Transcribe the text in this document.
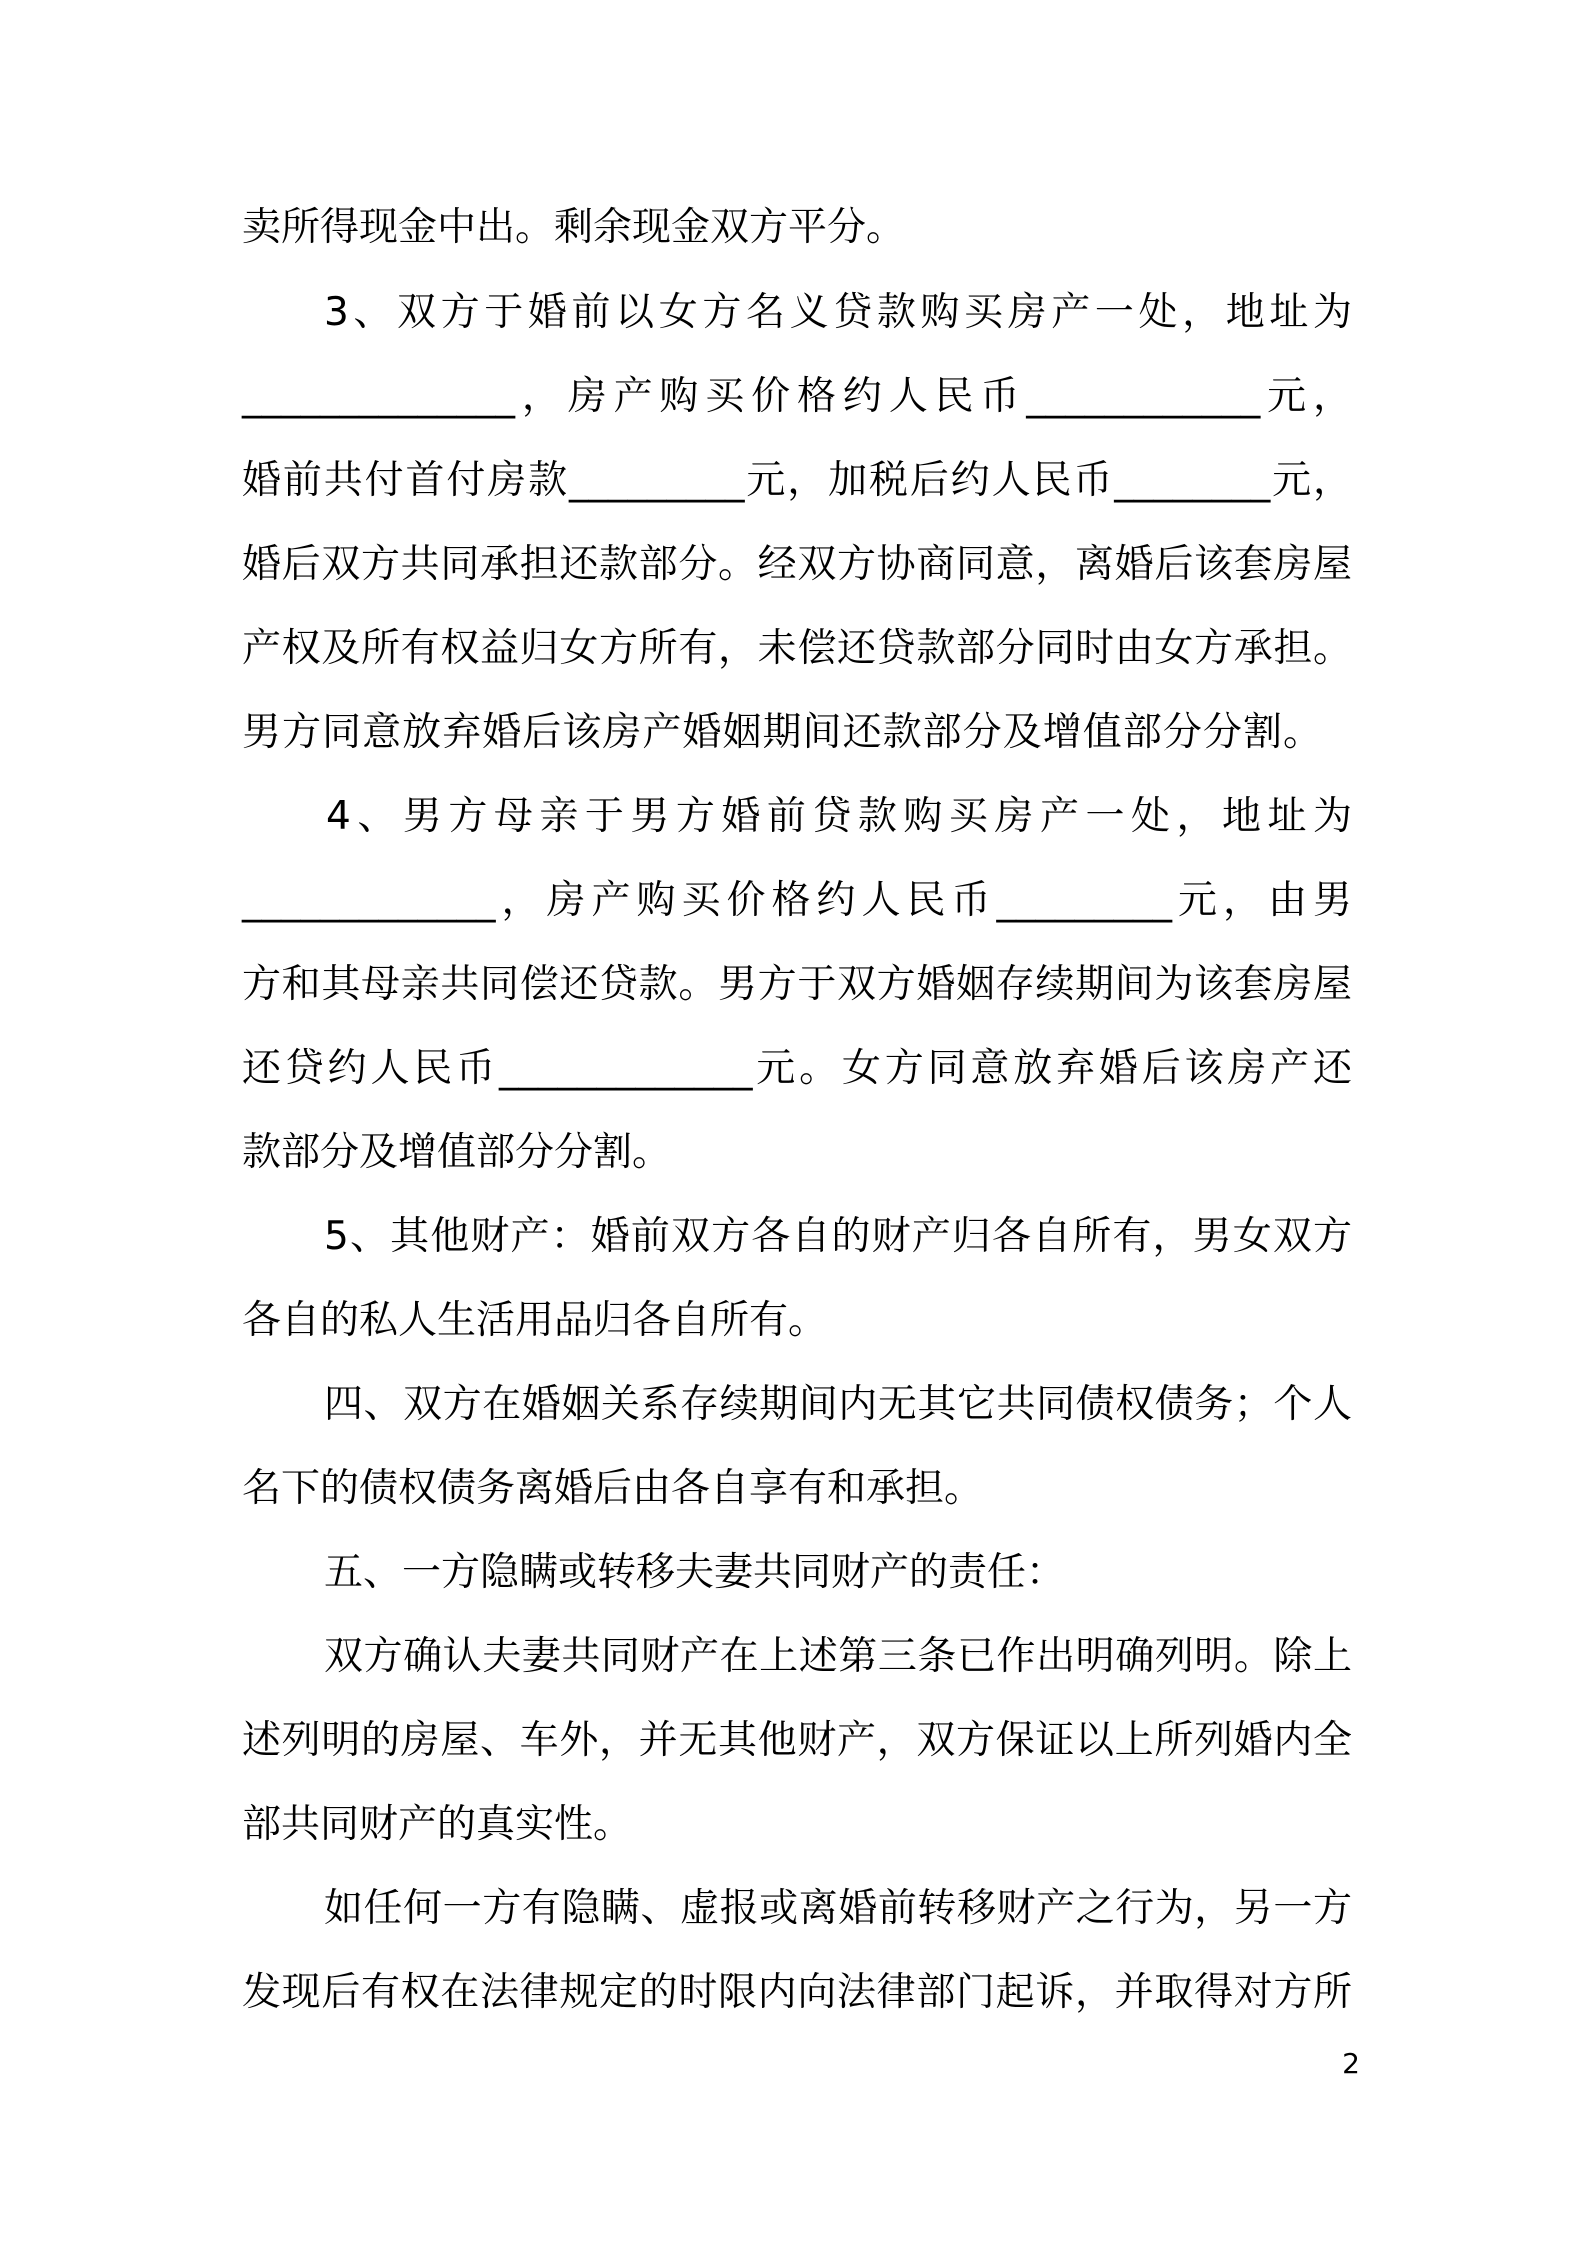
卖所得现金中出。剩余现金双方平分。
3、双方于婚前以女方名义贷款购买房产一处，地址为
______________，房产购买价格约人民币____________元，
婚前共付首付房款_________元，加税后约人民币________元，
婚后双方共同承担还款部分。经双方协商同意，离婚后该套房屋
产权及所有权益归女方所有，未偿还贷款部分同时由女方承担。
男方同意放弃婚后该房产婚姻期间还款部分及增值部分分割。
4、男方母亲于男方婚前贷款购买房产一处，地址为
_____________，房产购买价格约人民币_________元，由男
方和其母亲共同偿还贷款。男方于双方婚姻存续期间为该套房屋
还贷约人民币_____________元。女方同意放弃婚后该房产还
款部分及增值部分分割。
5、其他财产：婚前双方各自的财产归各自所有，男女双方
各自的私人生活用品归各自所有。
四、双方在婚姻关系存续期间内无其它共同债权债务；个人
名下的债权债务离婚后由各自享有和承担。
五、一方隐瞒或转移夫妻共同财产的责任：
双方确认夫妻共同财产在上述第三条已作出明确列明。除上
述列明的房屋、车外，并无其他财产，双方保证以上所列婚内全
部共同财产的真实性。
如任何一方有隐瞒、虚报或离婚前转移财产之行为，另一方
发现后有权在法律规定的时限内向法律部门起诉，并取得对方所
2
